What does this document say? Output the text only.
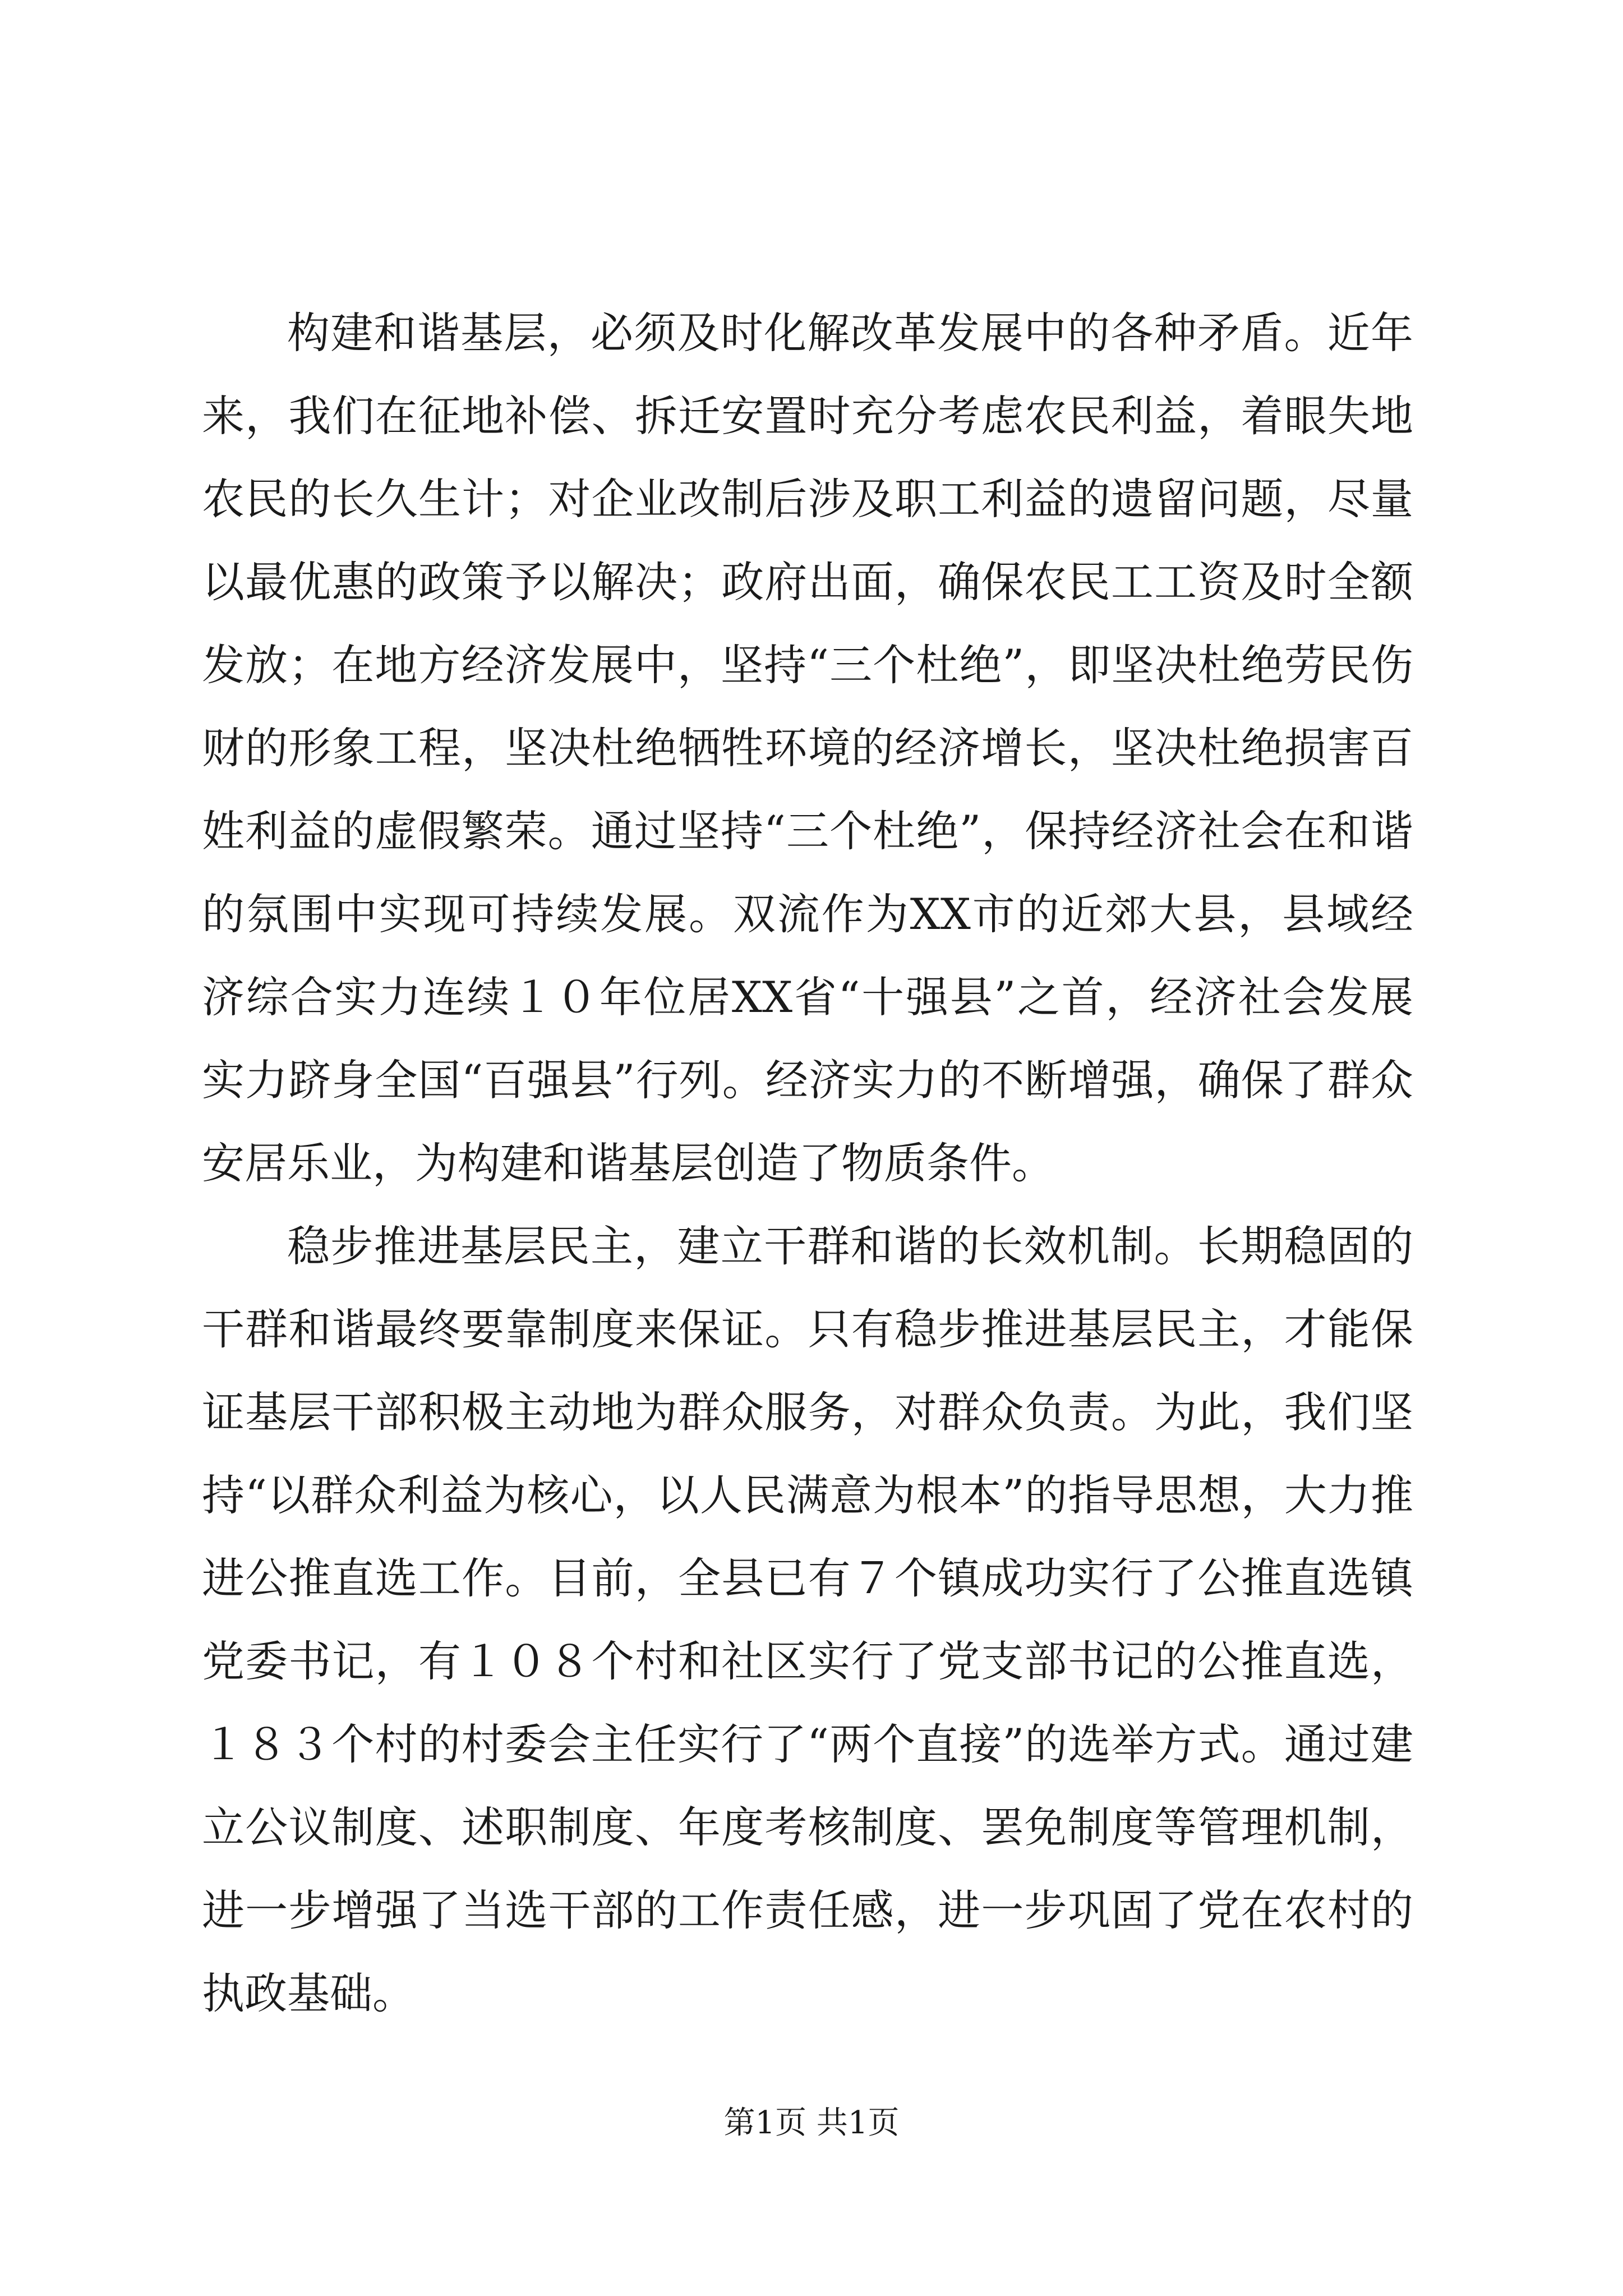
构建和谐基层，必须及时化解改革发展中的各种矛盾。近年来，我们在征地补偿、拆迁安置时充分考虑农民利益，着眼失地农民的长久生计；对企业改制后涉及职工利益的遗留问题，尽量以最优惠的政策予以解决；政府出面，确保农民工工资及时全额发放；在地方经济发展中，坚持“三个杜绝”，即坚决杜绝劳民伤财的形象工程，坚决杜绝牺牲环境的经济增长，坚决杜绝损害百姓利益的虚假繁荣。通过坚持“三个杜绝”，保持经济社会在和谐的氛围中实现可持续发展。双流作为XX市的近郊大县，县域经济综合实力连续１０年位居XX省“十强县”之首，经济社会发展实力跻身全国“百强县”行列。经济实力的不断增强，确保了群众安居乐业，为构建和谐基层创造了物质条件。

稳步推进基层民主，建立干群和谐的长效机制。长期稳固的干群和谐最终要靠制度来保证。只有稳步推进基层民主，才能保证基层干部积极主动地为群众服务，对群众负责。为此，我们坚持“以群众利益为核心，以人民满意为根本”的指导思想，大力推进公推直选工作。目前，全县已有７个镇成功实行了公推直选镇党委书记，有１０８个村和社区实行了党支部书记的公推直选，１８３个村的村委会主任实行了“两个直接”的选举方式。通过建立公议制度、述职制度、年度考核制度、罢免制度等管理机制，进一步增强了当选干部的工作责任感，进一步巩固了党在农村的执政基础。

第1页 共1页
